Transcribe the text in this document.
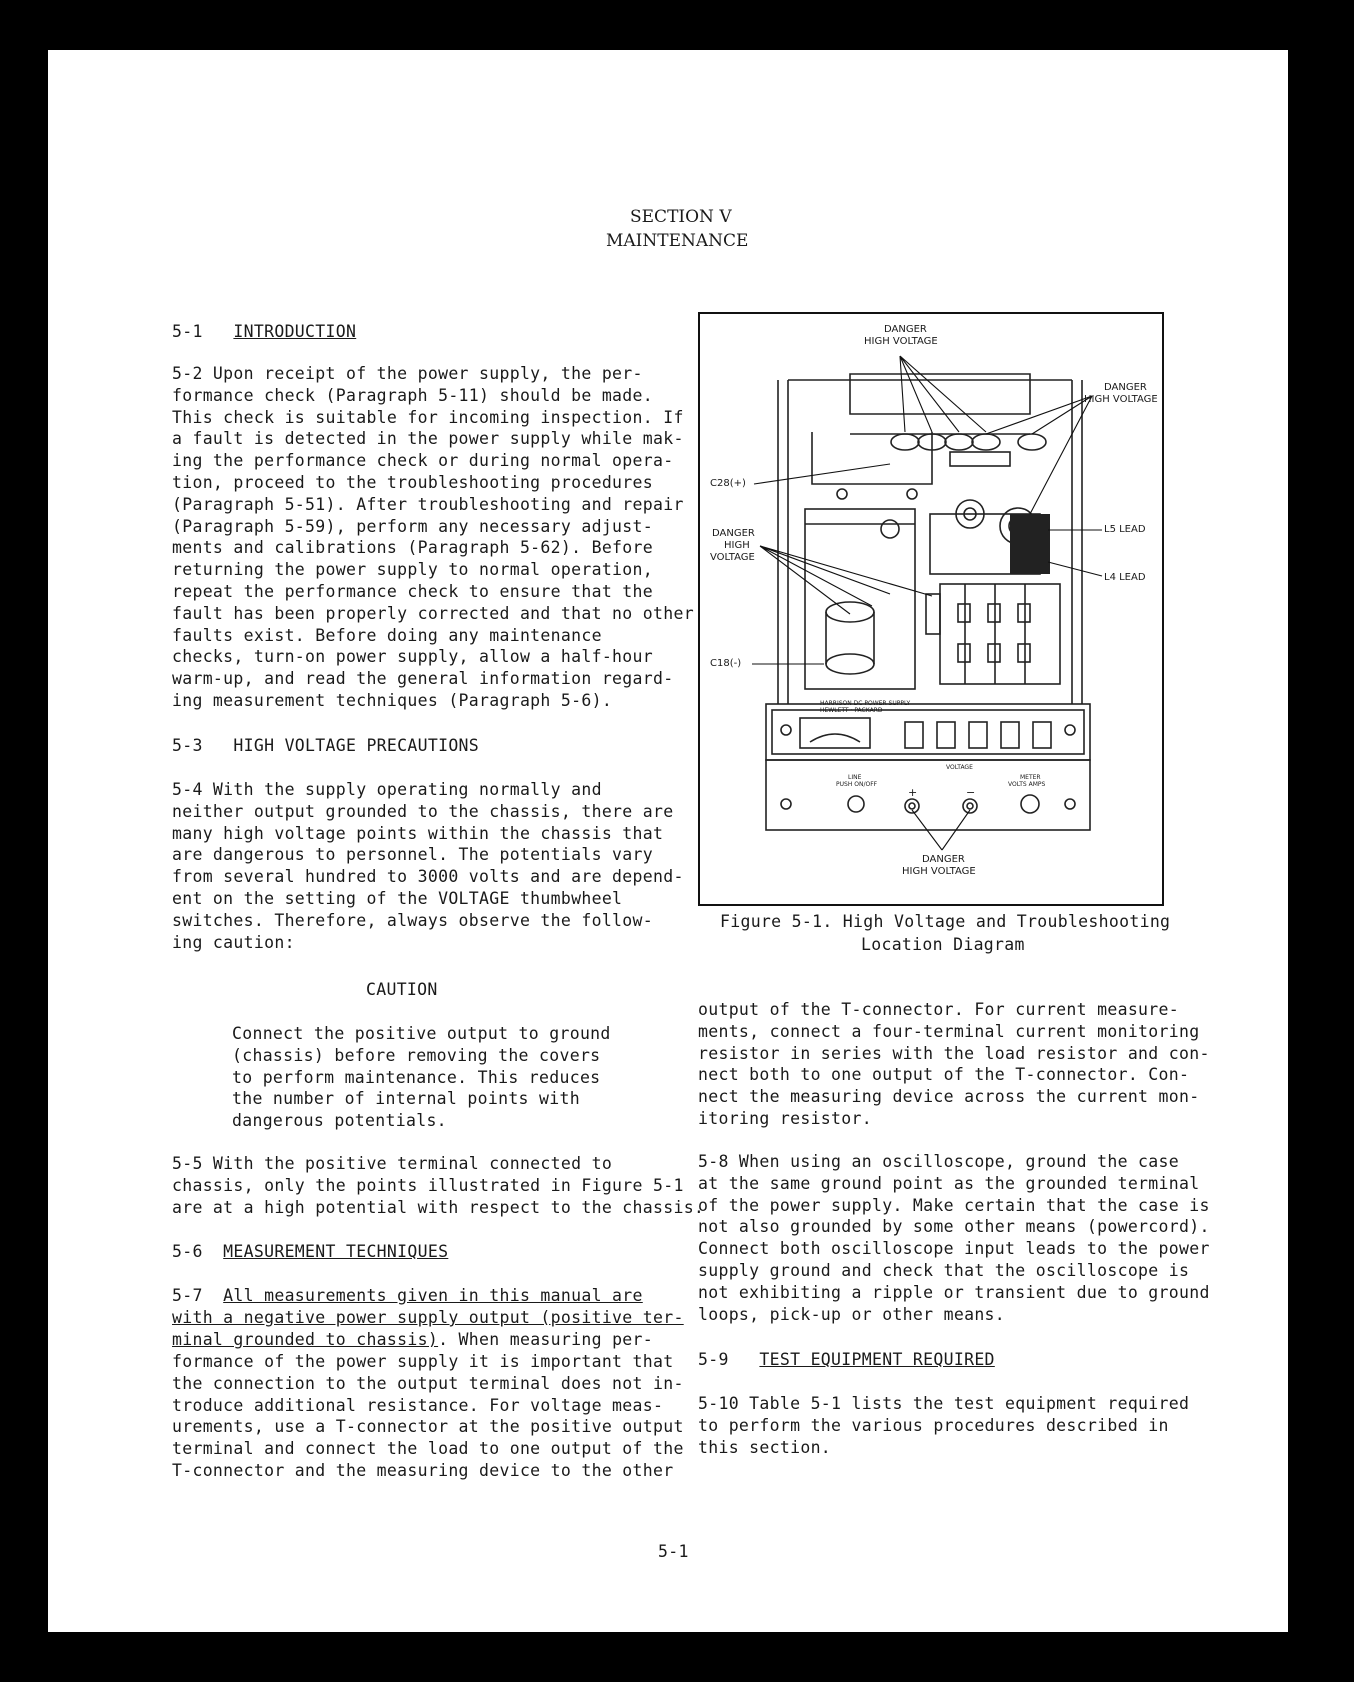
SECTION V
MAINTENANCE
5-1 INTRODUCTION
5-2 Upon receipt of the power supply, the per-
formance check (Paragraph 5-11) should be made.
This check is suitable for incoming inspection. If
a fault is detected in the power supply while mak-
ing the performance check or during normal opera-
tion, proceed to the troubleshooting procedures
(Paragraph 5-51). After troubleshooting and repair
(Paragraph 5-59), perform any necessary adjust-
ments and calibrations (Paragraph 5-62). Before
returning the power supply to normal operation,
repeat the performance check to ensure that the
fault has been properly corrected and that no other
faults exist. Before doing any maintenance
checks, turn-on power supply, allow a half-hour
warm-up, and read the general information regard-
ing measurement techniques (Paragraph 5-6).
5-3 HIGH VOLTAGE PRECAUTIONS
5-4 With the supply operating normally and
neither output grounded to the chassis, there are
many high voltage points within the chassis that
are dangerous to personnel. The potentials vary
from several hundred to 3000 volts and are depend-
ent on the setting of the VOLTAGE thumbwheel
switches. Therefore, always observe the follow-
ing caution:
CAUTION
Connect the positive output to ground
(chassis) before removing the covers
to perform maintenance. This reduces
the number of internal points with
dangerous potentials.
5-5 With the positive terminal connected to
chassis, only the points illustrated in Figure 5-1
are at a high potential with respect to the chassis.
5-6 MEASUREMENT TECHNIQUES
5-7 All measurements given in this manual are
with a negative power supply output (positive ter-
minal grounded to chassis). When measuring per-
formance of the power supply it is important that
the connection to the output terminal does not in-
troduce additional resistance. For voltage meas-
urements, use a T-connector at the positive output
terminal and connect the load to one output of the
T-connector and the measuring device to the other
DANGER
HIGH VOLTAGE
DANGER
HIGH VOLTAGE
C28(+)
DANGER
HIGH
VOLTAGE
L5 LEAD
L4 LEAD
C18(-)
HARRISON DC POWER SUPPLY
HEWLETT · PACKARD
VOLTAGE
LINE
PUSH ON/OFF
METER
VOLTS AMPS
+	−
DANGER
HIGH VOLTAGE
Figure 5-1. High Voltage and Troubleshooting
Location Diagram
output of the T-connector. For current measure-
ments, connect a four-terminal current monitoring
resistor in series with the load resistor and con-
nect both to one output of the T-connector. Con-
nect the measuring device across the current mon-
itoring resistor.
5-8 When using an oscilloscope, ground the case
at the same ground point as the grounded terminal
of the power supply. Make certain that the case is
not also grounded by some other means (powercord).
Connect both oscilloscope input leads to the power
supply ground and check that the oscilloscope is
not exhibiting a ripple or transient due to ground
loops, pick-up or other means.
5-9 TEST EQUIPMENT REQUIRED
5-10 Table 5-1 lists the test equipment required
to perform the various procedures described in
this section.
5-1
